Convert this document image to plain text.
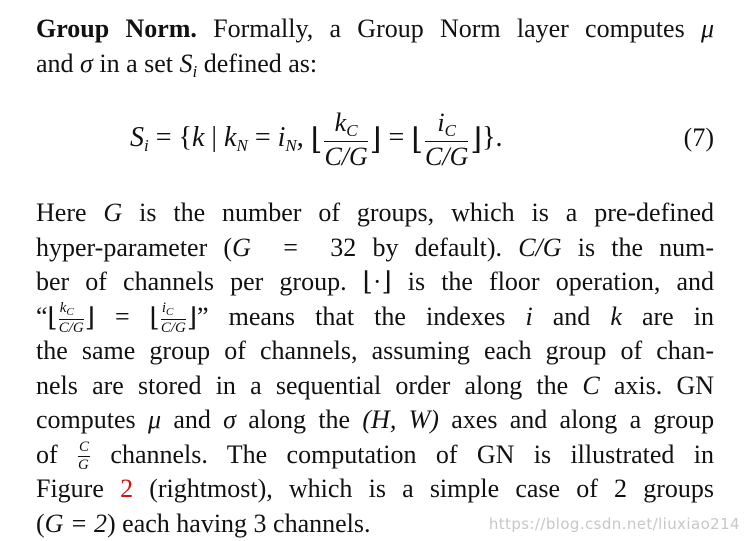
Group Norm. Formally, a Group Norm layer computes μ
and σ in a set $S_i$ defined as:

$S_i = \{k$ | $k_N = i_N$, ⌊ $\frac{k_C}{C/G}$ ⌋ = ⌊ $\frac{i_C}{C/G}$ ⌋}.	(7)

Here G is the number of groups, which is a pre-defined
hyper-parameter (G = 32 by default). C/G is the num-
ber of channels per group. ⌊·⌋ is the floor operation, and
“⌊ $\frac{k_C}{C/G}$ ⌋ = ⌊ $\frac{i_C}{C/G}$ ⌋” means that the indexes i and k are in
the same group of channels, assuming each group of chan-
nels are stored in a sequential order along the C axis. GN
computes μ and σ along the (H, W) axes and along a group
of $\frac{C}{G}$ channels. The computation of GN is illustrated in
Figure 2 (rightmost), which is a simple case of 2 groups
(G = 2) each having 3 channels.	https://blog.csdn.net/liuxiao214
